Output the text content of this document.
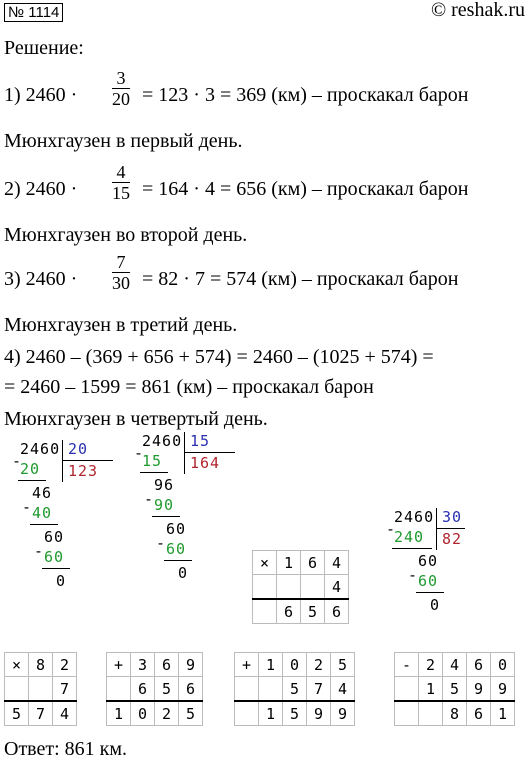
№ 1114	© reshak.ru
Решение:
1) 2460 ·
3
20 = 123 · 3 = 369 (км) – проскакал барон
Мюнхгаузен в первый день.
2) 2460 ·
4
15 = 164 · 4 = 656 (км) – проскакал барон
Мюнхгаузен во второй день.
3) 2460 ·
7
30 = 82 · 7 = 574 (км) – проскакал барон
Мюнхгаузен в третий день.
4) 2460 – (369 + 656 + 574) = 2460 – (1025 + 574) =
= 2460 – 1599 = 861 (км) – проскакал барон
Мюнхгаузен в четвертый день.
2460 20
123
-
20
46
- 40
60
- 60
0
2460 15
164
-
15
96
- 90
60
- 60
0
2460 30
82
-
240
60
- 60
0
×	1	6	4
			4
	6	5	6
×	8	2
		7
5	7	4
+	3	6	9
	6	5	6
1	0	2	5
+	1	0	2	5
		5	7	4
	1	5	9	9
-	2	4	6	0
	1	5	9	9
		8	6	1
Ответ: 861 км.
